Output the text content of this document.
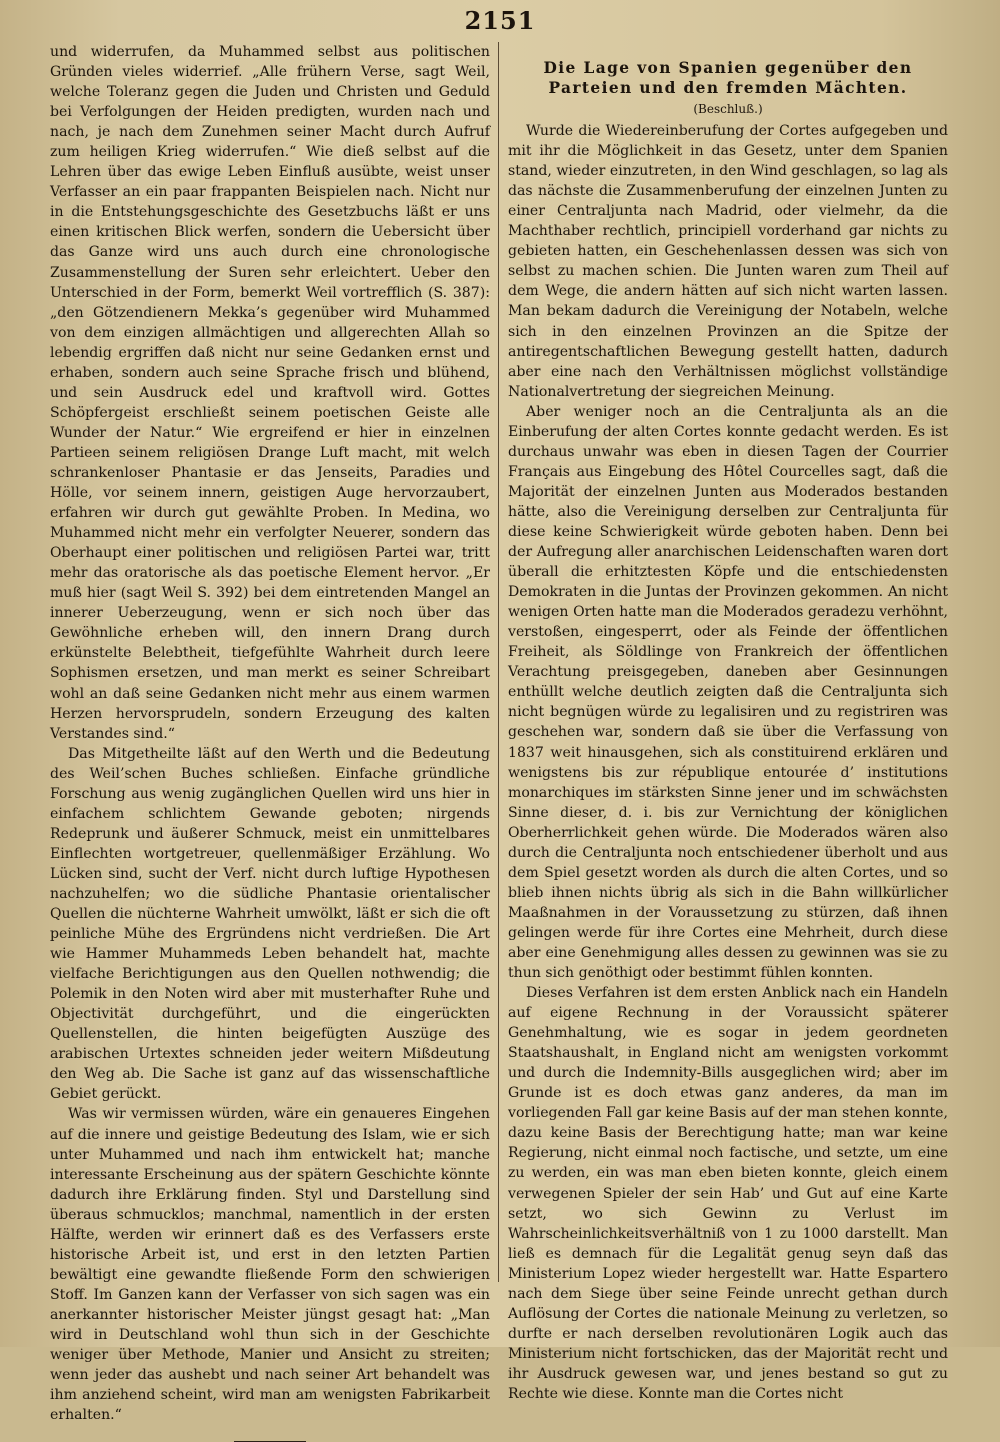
2151

und widerrufen, da Muhammed selbst aus politischen Gründen vieles widerrief. „Alle frühern Verse, sagt Weil, welche Toleranz gegen die Juden und Christen und Geduld bei Verfolgungen der Heiden predigten, wurden nach und nach, je nach dem Zunehmen seiner Macht durch Aufruf zum heiligen Krieg widerrufen.“ Wie dieß selbst auf die Lehren über das ewige Leben Einfluß ausübte, weist unser Verfasser an ein paar frappanten Beispielen nach. Nicht nur in die Entstehungsgeschichte des Gesetzbuchs läßt er uns einen kritischen Blick werfen, sondern die Uebersicht über das Ganze wird uns auch durch eine chronologische Zusammenstellung der Suren sehr erleichtert. Ueber den Unterschied in der Form, bemerkt Weil vortrefflich (S. 387): „den Götzendienern Mekka’s gegenüber wird Muhammed von dem einzigen allmächtigen und allgerechten Allah so lebendig ergriffen daß nicht nur seine Gedanken ernst und erhaben, sondern auch seine Sprache frisch und blühend, und sein Ausdruck edel und kraftvoll wird. Gottes Schöpfergeist erschließt seinem poetischen Geiste alle Wunder der Natur.“ Wie ergreifend er hier in einzelnen Partieen seinem religiösen Drange Luft macht, mit welch schrankenloser Phantasie er das Jenseits, Paradies und Hölle, vor seinem innern, geistigen Auge hervorzaubert, erfahren wir durch gut gewählte Proben. In Medina, wo Muhammed nicht mehr ein verfolgter Neuerer, sondern das Oberhaupt einer politischen und religiösen Partei war, tritt mehr das oratorische als das poetische Element hervor. „Er muß hier (sagt Weil S. 392) bei dem eintretenden Mangel an innerer Ueberzeugung, wenn er sich noch über das Gewöhnliche erheben will, den innern Drang durch erkünstelte Belebtheit, tiefgefühlte Wahrheit durch leere Sophismen ersetzen, und man merkt es seiner Schreibart wohl an daß seine Gedanken nicht mehr aus einem warmen Herzen hervorsprudeln, sondern Erzeugung des kalten Verstandes sind.“

Das Mitgetheilte läßt auf den Werth und die Bedeutung des Weil’schen Buches schließen. Einfache gründliche Forschung aus wenig zugänglichen Quellen wird uns hier in einfachem schlichtem Gewande geboten; nirgends Redeprunk und äußerer Schmuck, meist ein unmittelbares Einflechten wortgetreuer, quellenmäßiger Erzählung. Wo Lücken sind, sucht der Verf. nicht durch luftige Hypothesen nachzuhelfen; wo die südliche Phantasie orientalischer Quellen die nüchterne Wahrheit umwölkt, läßt er sich die oft peinliche Mühe des Ergründens nicht verdrießen. Die Art wie Hammer Muhammeds Leben behandelt hat, machte vielfache Berichtigungen aus den Quellen nothwendig; die Polemik in den Noten wird aber mit musterhafter Ruhe und Objectivität durchgeführt, und die eingerückten Quellenstellen, die hinten beigefügten Auszüge des arabischen Urtextes schneiden jeder weitern Mißdeutung den Weg ab. Die Sache ist ganz auf das wissenschaftliche Gebiet gerückt.

Was wir vermissen würden, wäre ein genaueres Eingehen auf die innere und geistige Bedeutung des Islam, wie er sich unter Muhammed und nach ihm entwickelt hat; manche interessante Erscheinung aus der spätern Geschichte könnte dadurch ihre Erklärung finden. Styl und Darstellung sind überaus schmucklos; manchmal, namentlich in der ersten Hälfte, werden wir erinnert daß es des Verfassers erste historische Arbeit ist, und erst in den letzten Partien bewältigt eine gewandte fließende Form den schwierigen Stoff. Im Ganzen kann der Verfasser von sich sagen was ein anerkannter historischer Meister jüngst gesagt hat: „Man wird in Deutschland wohl thun sich in der Geschichte weniger über Methode, Manier und Ansicht zu streiten; wenn jeder das aushebt und nach seiner Art behandelt was ihm anziehend scheint, wird man am wenigsten Fabrikarbeit erhalten.“

Die Lage von Spanien gegenüber den Parteien und den fremden Mächten.
(Beschluß.)

Wurde die Wiedereinberufung der Cortes aufgegeben und mit ihr die Möglichkeit in das Gesetz, unter dem Spanien stand, wieder einzutreten, in den Wind geschlagen, so lag als das nächste die Zusammenberufung der einzelnen Junten zu einer Centraljunta nach Madrid, oder vielmehr, da die Machthaber rechtlich, principiell vorderhand gar nichts zu gebieten hatten, ein Geschehenlassen dessen was sich von selbst zu machen schien. Die Junten waren zum Theil auf dem Wege, die andern hätten auf sich nicht warten lassen. Man bekam dadurch die Vereinigung der Notabeln, welche sich in den einzelnen Provinzen an die Spitze der antiregentschaftlichen Bewegung gestellt hatten, dadurch aber eine nach den Verhältnissen möglichst vollständige Nationalvertretung der siegreichen Meinung.

Aber weniger noch an die Centraljunta als an die Einberufung der alten Cortes konnte gedacht werden. Es ist durchaus unwahr was eben in diesen Tagen der Courrier Français aus Eingebung des Hôtel Courcelles sagt, daß die Majorität der einzelnen Junten aus Moderados bestanden hätte, also die Vereinigung derselben zur Centraljunta für diese keine Schwierigkeit würde geboten haben. Denn bei der Aufregung aller anarchischen Leidenschaften waren dort überall die erhitztesten Köpfe und die entschiedensten Demokraten in die Juntas der Provinzen gekommen. An nicht wenigen Orten hatte man die Moderados geradezu verhöhnt, verstoßen, eingesperrt, oder als Feinde der öffentlichen Freiheit, als Söldlinge von Frankreich der öffentlichen Verachtung preisgegeben, daneben aber Gesinnungen enthüllt welche deutlich zeigten daß die Centraljunta sich nicht begnügen würde zu legalisiren und zu registriren was geschehen war, sondern daß sie über die Verfassung von 1837 weit hinausgehen, sich als constituirend erklären und wenigstens bis zur république entourée d’ institutions monarchiques im stärksten Sinne jener und im schwächsten Sinne dieser, d. i. bis zur Vernichtung der königlichen Oberherrlichkeit gehen würde. Die Moderados wären also durch die Centraljunta noch entschiedener überholt und aus dem Spiel gesetzt worden als durch die alten Cortes, und so blieb ihnen nichts übrig als sich in die Bahn willkürlicher Maaßnahmen in der Voraussetzung zu stürzen, daß ihnen gelingen werde für ihre Cortes eine Mehrheit, durch diese aber eine Genehmigung alles dessen zu gewinnen was sie zu thun sich genöthigt oder bestimmt fühlen konnten.

Dieses Verfahren ist dem ersten Anblick nach ein Handeln auf eigene Rechnung in der Voraussicht späterer Genehmhaltung, wie es sogar in jedem geordneten Staatshaushalt, in England nicht am wenigsten vorkommt und durch die Indemnity-Bills ausgeglichen wird; aber im Grunde ist es doch etwas ganz anderes, da man im vorliegenden Fall gar keine Basis auf der man stehen konnte, dazu keine Basis der Berechtigung hatte; man war keine Regierung, nicht einmal noch factische, und setzte, um eine zu werden, ein was man eben bieten konnte, gleich einem verwegenen Spieler der sein Hab’ und Gut auf eine Karte setzt, wo sich Gewinn zu Verlust im Wahrscheinlichkeitsverhältniß von 1 zu 1000 darstellt. Man ließ es demnach für die Legalität genug seyn daß das Ministerium Lopez wieder hergestellt war. Hatte Espartero nach dem Siege über seine Feinde unrecht gethan durch Auflösung der Cortes die nationale Meinung zu verletzen, so durfte er nach derselben revolutionären Logik auch das Ministerium nicht fortschicken, das der Majorität recht und ihr Ausdruck gewesen war, und jenes bestand so gut zu Rechte wie diese. Konnte man die Cortes nicht
